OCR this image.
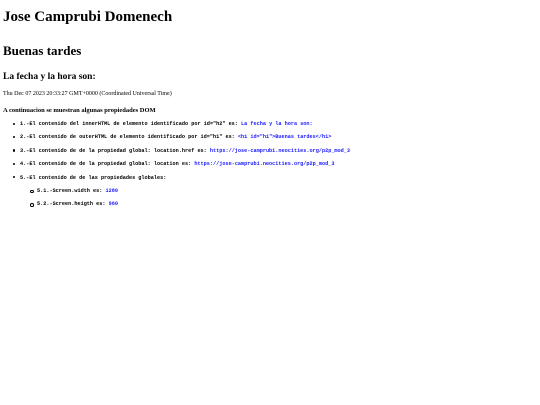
Jose Camprubi Domenech
Buenas tardes
La fecha y la hora son:

Thu Dec 07 2023 20:33:27 GMT+0000 (Coordinated Universal Time)

A continuacion se muestran algunas propiedades DOM
1.-El contenido del innerHTML de elemento identificado por id="h2" es: La fecha y la hora son:
2.-El contenido de outerHTML de elemento identificado por id="h1" es: <h1 id="h1">Buenas tardes</h1>
3.-El contenido de de la propiedad global: location.href es: https://jose-camprubi.neocities.org/p2p_mod_3
4.-El contenido de de la propiedad global: location es: https://jose-camprubi.neocities.org/p2p_mod_3
5.-El contenido de de las propiedades globales:
5.1.-Screen.width es: 1280
5.2.-Screen.heigth es: 960
